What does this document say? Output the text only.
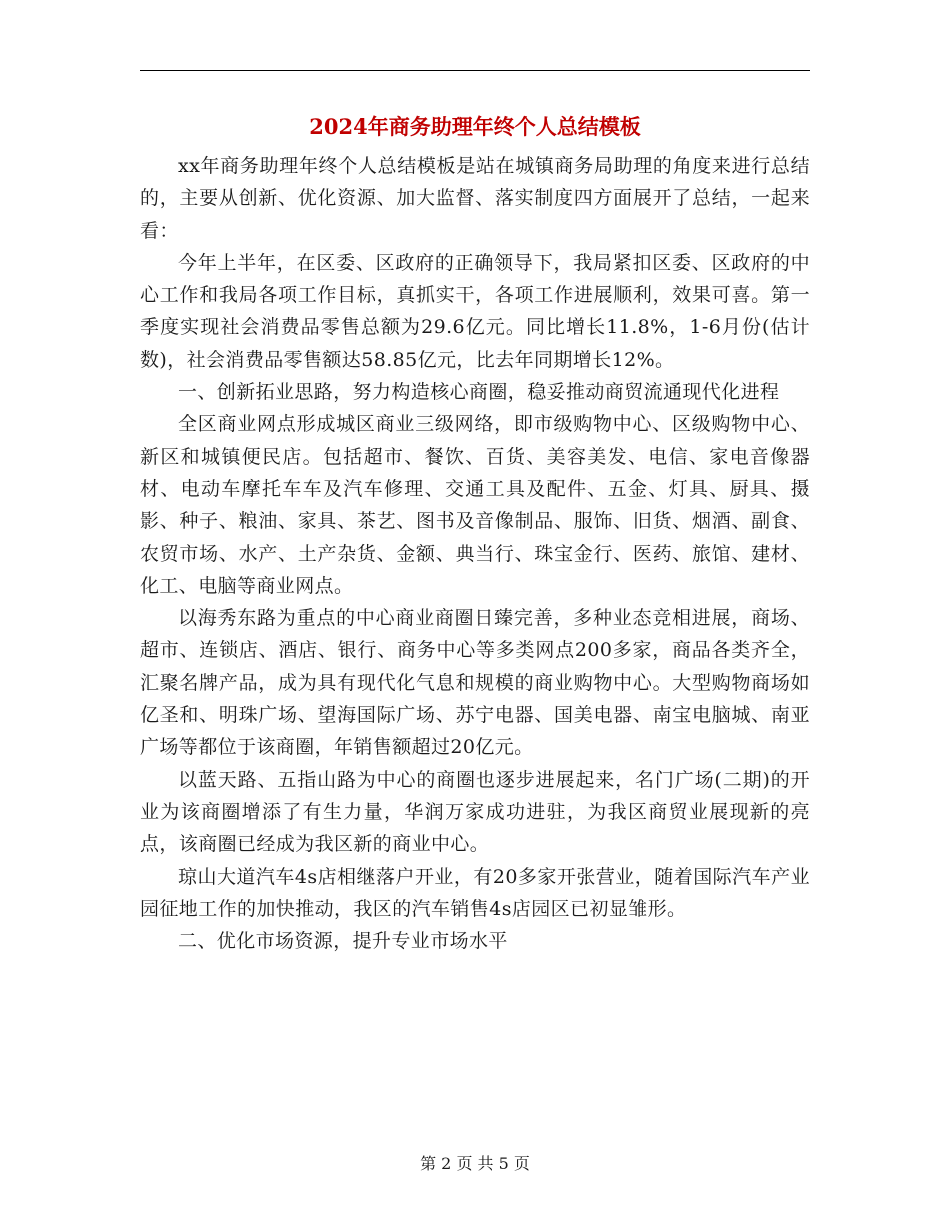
2024年商务助理年终个人总结模板

xx年商务助理年终个人总结模板是站在城镇商务局助理的角度来进行总结的，主要从创新、优化资源、加大监督、落实制度四方面展开了总结，一起来看：

今年上半年，在区委、区政府的正确领导下，我局紧扣区委、区政府的中心工作和我局各项工作目标，真抓实干，各项工作进展顺利，效果可喜。第一季度实现社会消费品零售总额为29.6亿元。同比增长11.8%，1-6月份(估计数)，社会消费品零售额达58.85亿元，比去年同期增长12%。

一、创新拓业思路，努力构造核心商圈，稳妥推动商贸流通现代化进程

全区商业网点形成城区商业三级网络，即市级购物中心、区级购物中心、新区和城镇便民店。包括超市、餐饮、百货、美容美发、电信、家电音像器材、电动车摩托车车及汽车修理、交通工具及配件、五金、灯具、厨具、摄影、种子、粮油、家具、茶艺、图书及音像制品、服饰、旧货、烟酒、副食、农贸市场、水产、土产杂货、金额、典当行、珠宝金行、医药、旅馆、建材、化工、电脑等商业网点。

以海秀东路为重点的中心商业商圈日臻完善，多种业态竞相进展，商场、超市、连锁店、酒店、银行、商务中心等多类网点200多家，商品各类齐全，汇聚名牌产品，成为具有现代化气息和规模的商业购物中心。大型购物商场如亿圣和、明珠广场、望海国际广场、苏宁电器、国美电器、南宝电脑城、南亚广场等都位于该商圈，年销售额超过20亿元。

以蓝天路、五指山路为中心的商圈也逐步进展起来，名门广场(二期)的开业为该商圈增添了有生力量，华润万家成功进驻，为我区商贸业展现新的亮点，该商圈已经成为我区新的商业中心。

琼山大道汽车4s店相继落户开业，有20多家开张营业，随着国际汽车产业园征地工作的加快推动，我区的汽车销售4s店园区已初显雏形。

二、优化市场资源，提升专业市场水平

第 2 页 共 5 页
